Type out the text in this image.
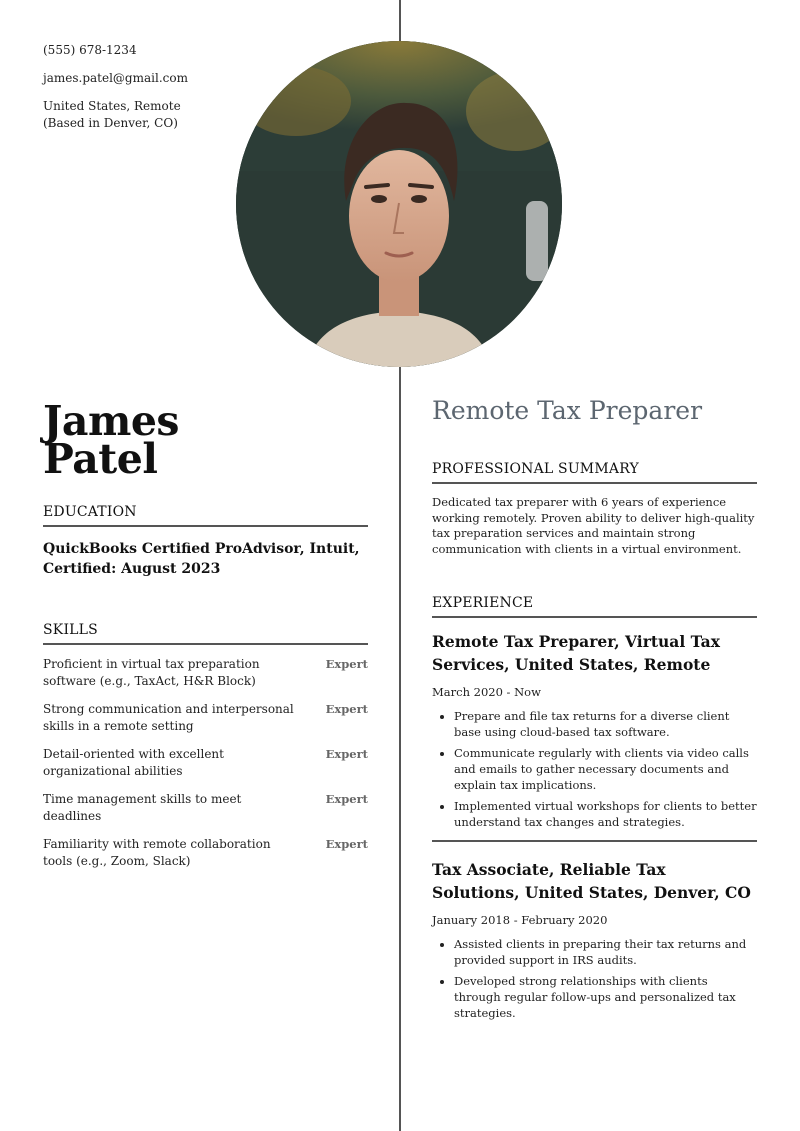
(555) 678-1234
james.patel@gmail.com
United States, Remote (Based in Denver, CO)
James
Patel
EDUCATION
QuickBooks Certified ProAdvisor, Intuit, Certified: August 2023
SKILLS
Proficient in virtual tax preparation software (e.g., TaxAct, H&R Block)
Expert
Strong communication and interpersonal skills in a remote setting
Expert
Detail-oriented with excellent organizational abilities
Expert
Time management skills to meet deadlines
Expert
Familiarity with remote collaboration tools (e.g., Zoom, Slack)
Expert
Remote Tax Preparer
PROFESSIONAL SUMMARY
Dedicated tax preparer with 6 years of experience working remotely. Proven ability to deliver high-quality tax preparation services and maintain strong communication with clients in a virtual environment.
EXPERIENCE
Remote Tax Preparer, Virtual Tax Services, United States, Remote
March 2020 - Now
• Prepare and file tax returns for a diverse client base using cloud-based tax software.
• Communicate regularly with clients via video calls and emails to gather necessary documents and explain tax implications.
• Implemented virtual workshops for clients to better understand tax changes and strategies.
Tax Associate, Reliable Tax Solutions, United States, Denver, CO
January 2018 - February 2020
• Assisted clients in preparing their tax returns and provided support in IRS audits.
• Developed strong relationships with clients through regular follow-ups and personalized tax strategies.
